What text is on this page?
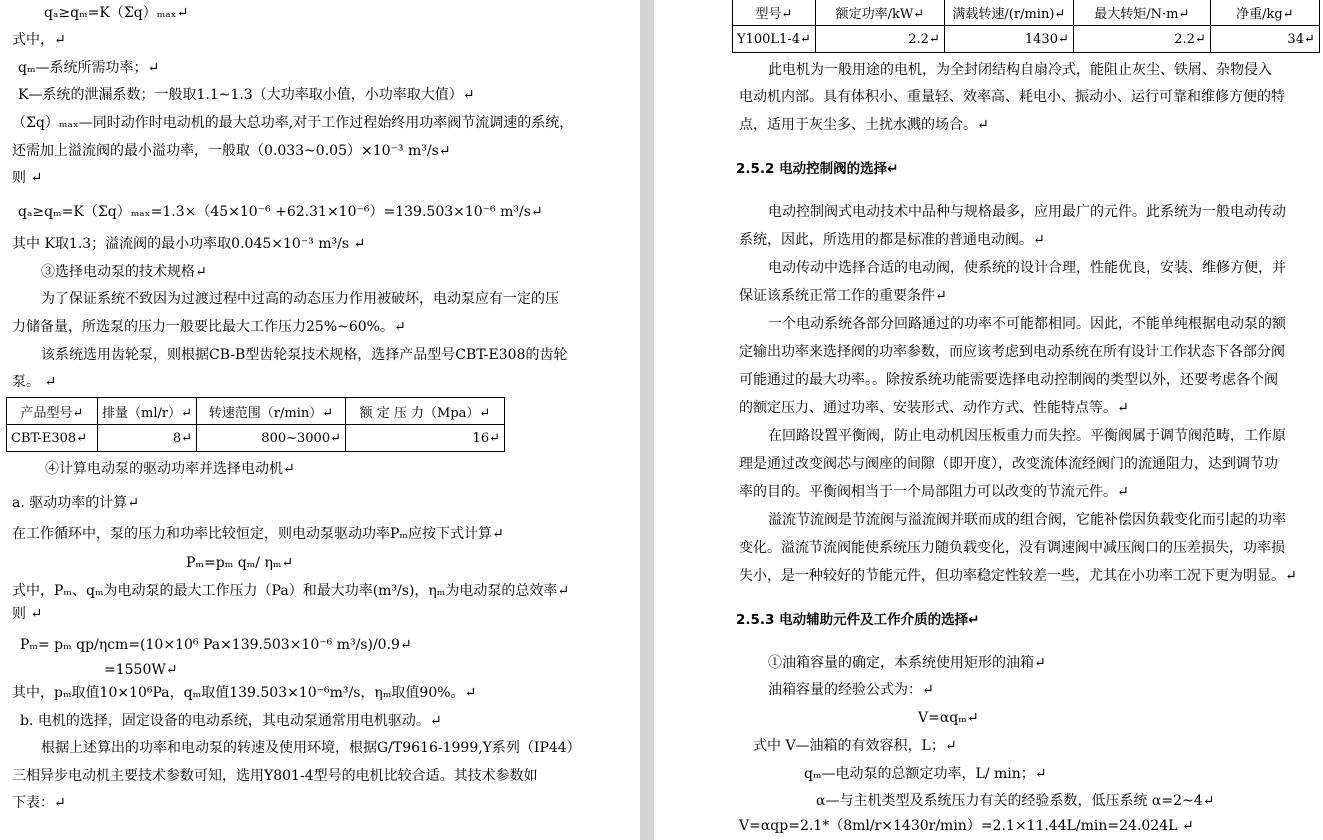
qₐ≥qₘ=K（Σq）ₘₐₓ↵
式中，↵
qₘ—系统所需功率；↵
K—系统的泄漏系数；一般取1.1~1.3（大功率取小值，小功率取大值）↵
（Σq）ₘₐₓ—同时动作时电动机的最大总功率,对于工作过程始终用功率阀节流调速的系统，
还需加上溢流阀的最小溢功率，一般取（0.033~0.05）×10⁻³ m³/s↵
则 ↵
qₐ≥qₘ=K（Σq）ₘₐₓ=1.3×（45×10⁻⁶ +62.31×10⁻⁶）=139.503×10⁻⁶ m³/s↵
其中 K取1.3；溢流阀的最小功率取0.045×10⁻³ m³/s ↵
③选择电动泵的技术规格↵
为了保证系统不致因为过渡过程中过高的动态压力作用被破坏，电动泵应有一定的压
力储备量，所选泵的压力一般要比最大工作压力25%~60%。↵
该系统选用齿轮泵，则根据CB-B型齿轮泵技术规格，选择产品型号CBT-E308的齿轮
泵。 ↵
④计算电动泵的驱动功率并选择电动机↵
a. 驱动功率的计算↵
在工作循环中，泵的压力和功率比较恒定，则电动泵驱动功率Pₘ应按下式计算↵
Pₘ=pₘ qₘ/ ηₘ↵
式中，Pₘ、qₘ为电动泵的最大工作压力（Pa）和最大功率(m³/s)，ηₘ为电动泵的总效率↵
则 ↵
Pₘ= pₘ qp/ηcm=(10×10⁶ Pa×139.503×10⁻⁶ m³/s)/0.9↵
=1550W↵
其中，pₘ取值10×10⁶Pa，qₘ取值139.503×10⁻⁶m³/s，ηₘ取值90%。↵
b. 电机的选择，固定设备的电动系统，其电动泵通常用电机驱动。↵
根据上述算出的功率和电动泵的转速及使用环境，根据G/T9616-1999,Y系列（IP44）
三相异步电动机主要技术参数可知，选用Y801-4型号的电机比较合适。其技术参数如
下表：↵
产品型号↵	排量（ml/r）↵	转速范围（r/min）↵	额 定 压 力（Mpa）↵
CBT-E308↵	8↵	800~3000↵	16↵
此电机为一般用途的电机，为全封闭结构自扇冷式，能阻止灰尘、铁屑、杂物侵入
电动机内部。具有体积小、重量轻、效率高、耗电小、振动小、运行可靠和维修方便的特
点，适用于灰尘多、土扰水溅的场合。↵
2.5.2 电动控制阀的选择↵
电动控制阀式电动技术中品种与规格最多，应用最广的元件。此系统为一般电动传动
系统，因此，所选用的都是标准的普通电动阀。↵
电动传动中选择合适的电动阀，使系统的设计合理，性能优良，安装、维修方便，并
保证该系统正常工作的重要条件↵
一个电动系统各部分回路通过的功率不可能都相同。因此，不能单纯根据电动泵的额
定输出功率来选择阀的功率参数，而应该考虑到电动系统在所有设计工作状态下各部分阀
可能通过的最大功率。。除按系统功能需要选择电动控制阀的类型以外，还要考虑各个阀
的额定压力、通过功率、安装形式、动作方式、性能特点等。↵
在回路设置平衡阀，防止电动机因压板重力而失控。平衡阀属于调节阀范畴，工作原
理是通过改变阀芯与阀座的间隙（即开度），改变流体流经阀门的流通阻力，达到调节功
率的目的。平衡阀相当于一个局部阻力可以改变的节流元件。↵
溢流节流阀是节流阀与溢流阀并联而成的组合阀，它能补偿因负载变化而引起的功率
变化。溢流节流阀能使系统压力随负载变化，没有调速阀中减压阀口的压差损失，功率损
失小，是一种较好的节能元件，但功率稳定性较差一些，尤其在小功率工况下更为明显。↵
2.5.3 电动辅助元件及工作介质的选择↵
①油箱容量的确定，本系统使用矩形的油箱↵
油箱容量的经验公式为：↵
V=αqₘ↵
式中 V—油箱的有效容积，L；↵
qₘ—电动泵的总额定功率，L/ min；↵
α—与主机类型及系统压力有关的经验系数，低压系统 α=2~4↵
V=αqp=2.1*（8ml/r×1430r/min）=2.1×11.44L/min=24.024L ↵
型号↵	额定功率/kW↵	满载转速/(r/min)↵	最大转矩/N·m↵	净重/kg↵
Y100L1-4↵	2.2↵	1430↵	2.2↵	34↵
